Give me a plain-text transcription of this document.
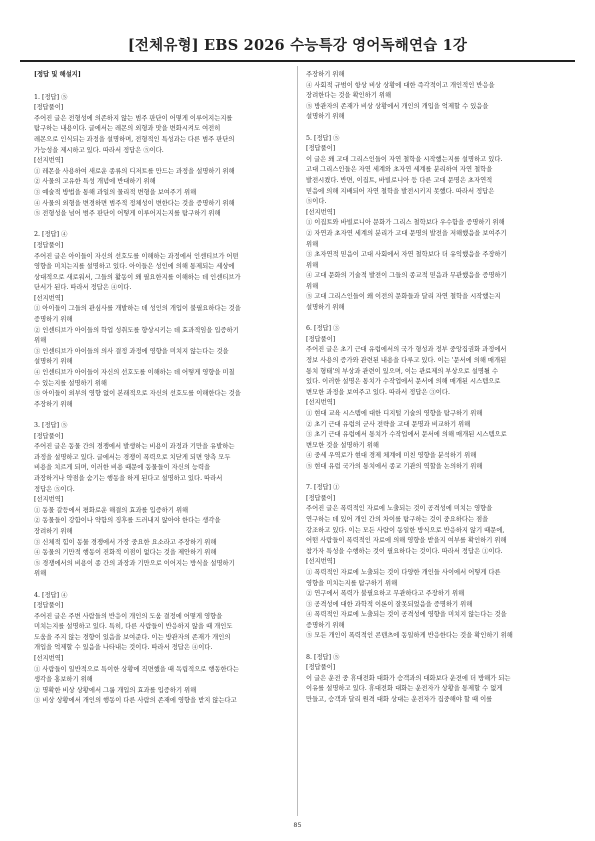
[전체유형] EBS 2026 수능특강 영어독해연습 1강
[정답 및 해설지]
1. [정답] ⑤
[정답풀이]
주어진 글은 전형성에 의존하지 않는 범주 판단이 어떻게 이루어지는지를
탐구하는 내용이다. 글에서는 레몬의 외형과 맛을 변화시켜도 여전히
레몬으로 인식되는 과정을 설명하며, 전형적인 특성과는 다른 범주 판단의
가능성을 제시하고 있다. 따라서 정답은 ⑤이다.
[선지번역]
① 레몬을 사용하여 새로운 종류의 디저트를 만드는 과정을 설명하기 위해
② 사물의 고유한 특성 개념에 반대하기 위해
③ 예술적 방법을 통해 과일의 물리적 변형을 보여주기 위해
④ 사물의 외형을 변경하면 범주적 정체성이 변한다는 것을 증명하기 위해
⑤ 전형성을 넘어 범주 판단이 어떻게 이루어지는지를 탐구하기 위해
2. [정답] ④
[정답풀이]
주어진 글은 아이들이 자신의 선호도를 이해하는 과정에서 인센티브가 어떤
영향을 미치는지를 설명하고 있다. 아이들은 성인에 의해 통제되는 세상에
상대적으로 새로워서, 그들의 활동이 왜 필요한지를 이해하는 데 인센티브가
단서가 된다. 따라서 정답은 ④이다.
[선지번역]
① 아이들이 그들의 관심사를 개발하는 데 성인의 개입이 불필요하다는 것을
증명하기 위해
② 인센티브가 아이들의 학업 성취도를 향상시키는 데 효과적임을 입증하기
위해
③ 인센티브가 아이들의 의사 결정 과정에 영향을 미치지 않는다는 것을
설명하기 위해
④ 인센티브가 아이들이 자신의 선호도를 이해하는 데 어떻게 영향을 미칠
수 있는지를 설명하기 위해
⑤ 아이들이 외부의 영향 없이 본래적으로 자신의 선호도를 이해한다는 것을
주장하기 위해
3. [정답] ⑤
[정답풀이]
주어진 글은 동물 간의 경쟁에서 발생하는 비용이 과정과 기만을 유발하는
과정을 설명하고 있다. 글에서는 경쟁이 폭력으로 치닫게 되면 양측 모두
비용을 치르게 되며, 이러한 비용 때문에 동물들이 자신의 능력을
과장하거나 약점을 숨기는 행동을 하게 된다고 설명하고 있다. 따라서
정답은 ⑤이다.
[선지번역]
① 동물 갈등에서 평화로운 해결의 효과를 입증하기 위해
② 동물들이 강함이나 약함의 징후를 드러내지 않아야 한다는 생각을
장려하기 위해
③ 신체적 힘이 동물 경쟁에서 가장 중요한 요소라고 주장하기 위해
④ 동물의 기만적 행동이 진화적 이점이 없다는 것을 제안하기 위해
⑤ 경쟁에서의 비용이 종 간의 과장과 기만으로 이어지는 방식을 설명하기
위해
4. [정답] ④
[정답풀이]
주어진 글은 주변 사람들의 반응이 개인의 도움 결정에 어떻게 영향을
미치는지를 설명하고 있다. 특히, 다른 사람들이 반응하지 않을 때 개인도
도움을 주지 않는 경향이 있음을 보여준다. 이는 방관자의 존재가 개인의
개입을 억제할 수 있음을 나타내는 것이다. 따라서 정답은 ④이다.
[선지번역]
① 사람들이 일반적으로 특이한 상황에 직면했을 때 독립적으로 행동한다는
생각을 홍보하기 위해
② 명확한 비상 상황에서 그룹 개입의 효과를 입증하기 위해
③ 비상 상황에서 개인의 행동이 다른 사람의 존재에 영향을 받지 않는다고
주장하기 위해
④ 사회적 규범이 항상 비상 상황에 대한 즉각적이고 개인적인 반응을
장려한다는 것을 확인하기 위해
⑤ 방관자의 존재가 비상 상황에서 개인의 개입을 억제할 수 있음을
설명하기 위해
5. [정답] ⑤
[정답풀이]
이 글은 왜 고대 그리스인들이 자연 철학을 시작했는지를 설명하고 있다.
고대 그리스인들은 자연 세계와 초자연 세계를 분리하여 자연 철학을
발전시켰다. 반면, 이집트, 바빌로니아 등 다른 고대 문명은 초자연적
믿음에 의해 지배되어 자연 철학을 발전시키지 못했다. 따라서 정답은
⑤이다.
[선지번역]
① 이집트와 바빌로니아 문화가 그리스 철학보다 우수함을 증명하기 위해
② 자연과 초자연 세계의 분리가 고대 문명의 발전을 저해했음을 보여주기
위해
③ 초자연적 믿음이 고대 사회에서 자연 철학보다 더 유익했음을 주장하기
위해
④ 고대 문화의 기술적 발전이 그들의 종교적 믿음과 무관했음을 증명하기
위해
⑤ 고대 그리스인들이 왜 이전의 문화들과 달리 자연 철학을 시작했는지
설명하기 위해
6. [정답] ③
[정답풀이]
주어진 글은 초기 근대 유럽에서의 국가 형성과 정부 중앙집권화 과정에서
정보 사용의 증가와 관련된 내용을 다루고 있다. 이는 '문서에 의해 매개된
통치 형태'의 부상과 관련이 있으며, 이는 관료제의 부상으로 설명될 수
있다. 이러한 설명은 통치가 수작업에서 문서에 의해 매개된 시스템으로
변모한 과정을 보여주고 있다. 따라서 정답은 ③이다.
[선지번역]
① 현대 교육 시스템에 대한 디지털 기술의 영향을 탐구하기 위해
② 초기 근대 유럽의 군사 전략을 고대 문명과 비교하기 위해
③ 초기 근대 유럽에서 통치가 수작업에서 문서에 의해 매개된 시스템으로
변모한 것을 설명하기 위해
④ 중세 우역로가 현대 경제 체계에 미친 영향을 분석하기 위해
⑤ 현대 유럽 국가의 통치에서 종교 기관의 역할을 논의하기 위해
7. [정답] ①
[정답풀이]
주어진 글은 폭력적인 자료에 노출되는 것이 공격성에 미치는 영향을
연구하는 데 있어 개인 간의 차이를 탐구하는 것이 중요하다는 점을
강조하고 있다. 이는 모든 사람이 동일한 방식으로 반응하지 않기 때문에,
어떤 사람들이 폭력적인 자료에 의해 영향을 받을지 여부를 확인하기 위해
참가자 특성을 수행하는 것이 필요하다는 것이다. 따라서 정답은 ①이다.
[선지번역]
① 폭력적인 자료에 노출되는 것이 다양한 개인들 사이에서 어떻게 다른
영향을 미치는지를 탐구하기 위해
② 연구에서 폭력가 불필요하고 무관하다고 주장하기 위해
③ 공격성에 대한 과학적 이론이 잘못되었음을 증명하기 위해
④ 폭력적인 자료에 노출되는 것이 공격성에 영향을 미치지 않는다는 것을
증명하기 위해
⑤ 모든 개인이 폭력적인 콘텐츠에 동일하게 반응한다는 것을 확인하기 위해
8. [정답] ⑤
[정답풀이]
이 글은 운전 중 휴대전화 대화가 승객과의 대화보다 운전에 더 방해가 되는
이유를 설명하고 있다. 휴대전화 대화는 운전자가 상황을 통제할 수 없게
만들고, 승객과 달리 원격 대화 상대는 운전자가 집중해야 할 때 이를
85
